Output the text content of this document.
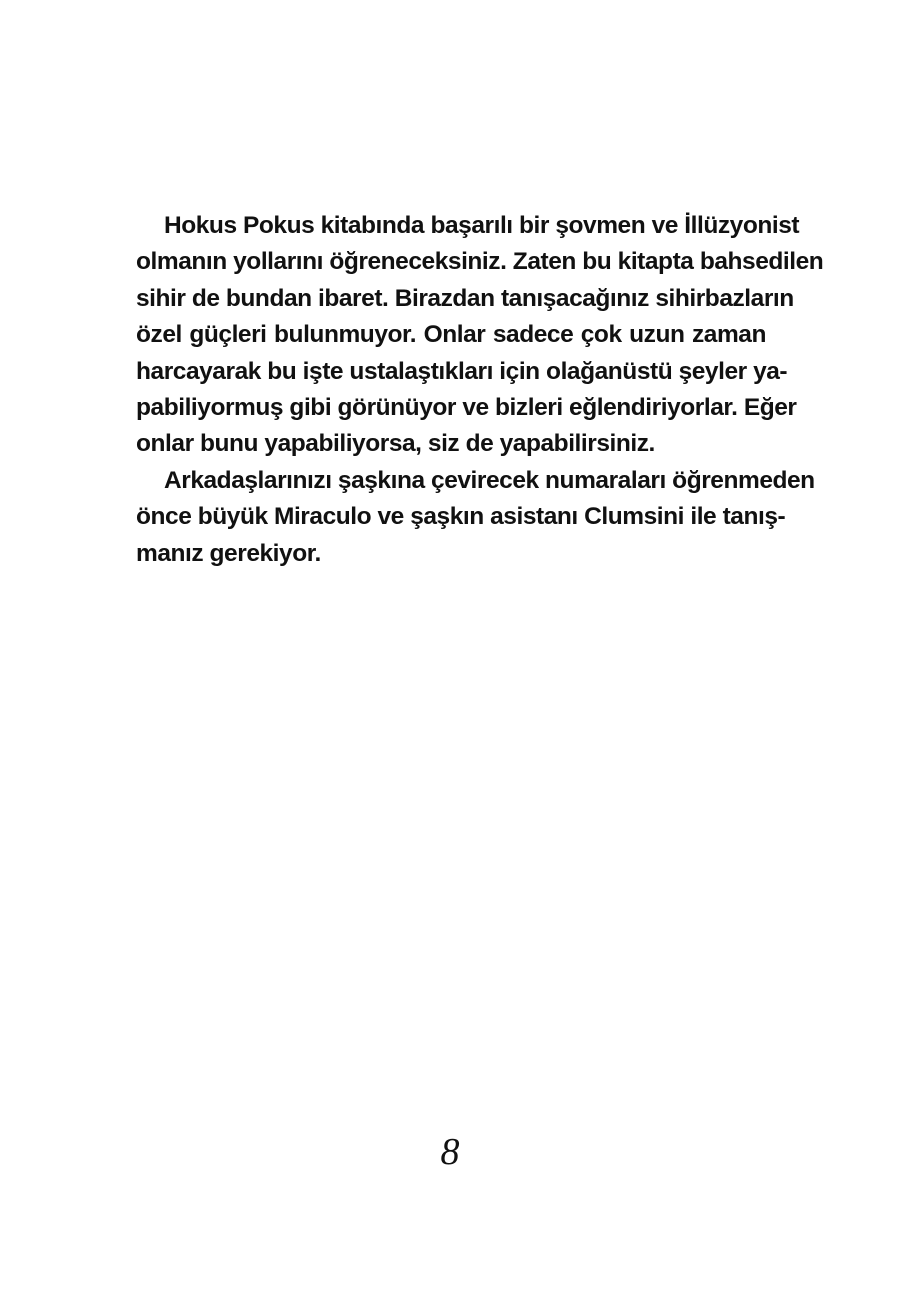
Hokus Pokus kitabında başarılı bir şovmen ve İllüzyonist
olmanın yollarını öğreneceksiniz. Zaten bu kitapta bahsedilen
sihir de bundan ibaret. Birazdan tanışacağınız sihirbazların
özel güçleri bulunmuyor. Onlar sadece çok uzun zaman
harcayarak bu işte ustalaştıkları için olağanüstü şeyler ya-
pabiliyormuş gibi görünüyor ve bizleri eğlendiriyorlar. Eğer
onlar bunu yapabiliyorsa, siz de yapabilirsiniz.
Arkadaşlarınızı şaşkına çevirecek numaraları öğrenmeden
önce büyük Miraculo ve şaşkın asistanı Clumsini ile tanış-
manız gerekiyor.
8
